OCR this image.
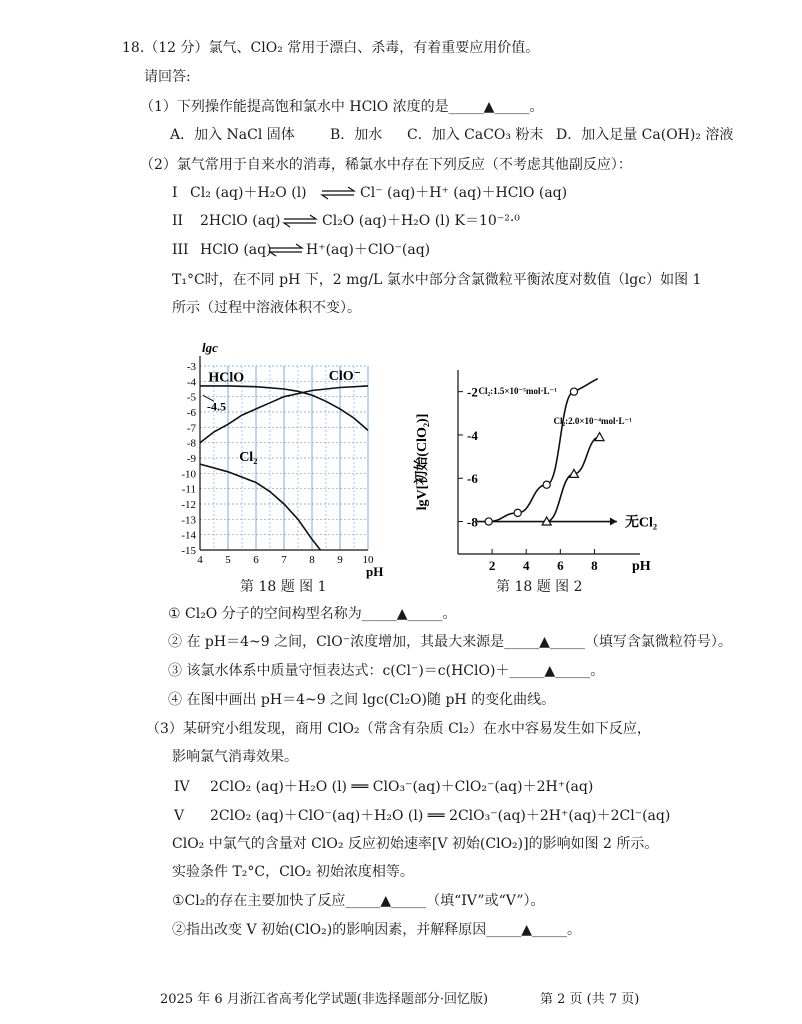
18.（12 分）氯气、ClO₂ 常用于漂白、杀毒，有着重要应用价值。
请回答:
（1）下列操作能提高饱和氯水中 HClO 浓度的是_____▲_____。
A．加入 NaCl 固体	B．加水 C．加入 CaCO₃ 粉末 D．加入足量 Ca(OH)₂ 溶液
（2）氯气常用于自来水的消毒，稀氯水中存在下列反应（不考虑其他副反应）：
I Cl₂ (aq)＋H₂O (l) ⇌ Cl⁻ (aq)＋H⁺ (aq)＋HClO (aq)
II 2HClO (aq) ⇌ Cl₂O (aq)＋H₂O (l) K＝10⁻²·⁰
III HClO (aq) ⇌ H⁺(aq)＋ClO⁻(aq)
T₁°C时，在不同 pH 下，2 mg/L 氯水中部分含氯微粒平衡浓度对数值（lgc）如图 1
所示（过程中溶液体积不变）。
lgc
pH
-3
-4
-5
-6
-7
-8
-9
-10
-11
-12
-13
-14
-15
4 5 6 7 8 9 10
HClO	ClO⁻
Cl₂
-4.5
第 18 题 图 1
lgV[初始(ClO₂)]
pH
-2
-4
-6
-8
2 4 6 8
无Cl₂
Cl₂:1.5×10⁻⁵mol·L⁻¹
Cl₂:2.0×10⁻⁴mol·L⁻¹
第 18 题 图 2
① Cl₂O 分子的空间构型名称为_____▲_____。
② 在 pH＝4~9 之间，ClO⁻浓度增加，其最大来源是_____▲_____（填写含氯微粒符号）。
③ 该氯水体系中质量守恒表达式：c(Cl⁻)＝c(HClO)＋_____▲_____。
④ 在图中画出 pH＝4~9 之间 lgc(Cl₂O)随 pH 的变化曲线。
（3）某研究小组发现，商用 ClO₂（常含有杂质 Cl₂）在水中容易发生如下反应，
影响氯气消毒效果。
IV 2ClO₂ (aq)＋H₂O (l) ══ ClO₃⁻(aq)＋ClO₂⁻(aq)＋2H⁺(aq)
V 2ClO₂ (aq)＋ClO⁻(aq)＋H₂O (l) ══ 2ClO₃⁻(aq)＋2H⁺(aq)＋2Cl⁻(aq)
ClO₂ 中氯气的含量对 ClO₂ 反应初始速率[V 初始(ClO₂)]的影响如图 2 所示。
实验条件 T₂°C，ClO₂ 初始浓度相等。
①Cl₂的存在主要加快了反应_____▲_____（填“IV”或“V”）。
②指出改变 V 初始(ClO₂)的影响因素，并解释原因_____▲_____。
2025 年 6 月浙江省高考化学试题(非选择题部分·回忆版)	第 2 页 (共 7 页)
